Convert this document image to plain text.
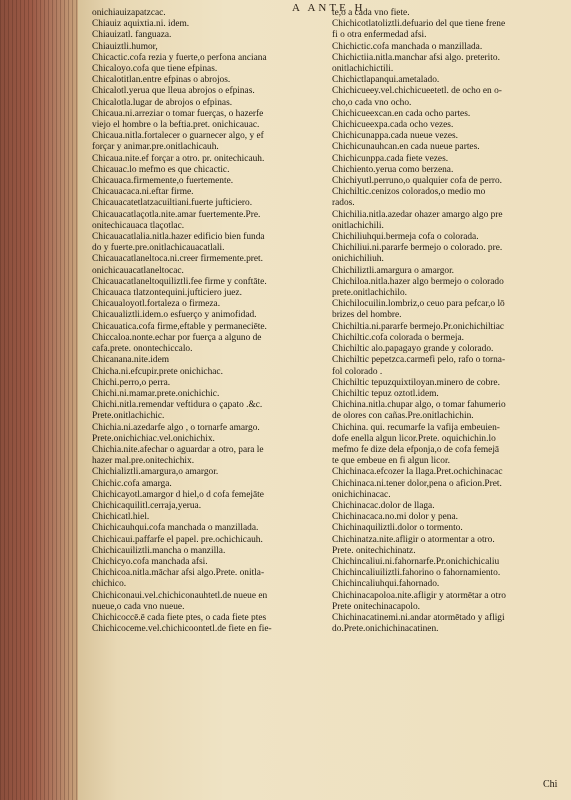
A ANTE H
onichiauizapatzcac.
Chiauiz aquixtia.ni. idem.
Chiauizatl. fanguaza.
Chiauiztli.humor,
Chicactic.cofa rezia y fuerte,o perfona anciana
Chicaloyo.cofa que tiene efpinas.
Chicalotitlan.entre efpinas o abrojos.
Chicalotl.yerua que lleua abrojos o efpinas.
Chicalotla.lugar de abrojos o efpinas.
Chicaua.ni.arreziar o tomar fuerças, o hazerfe
viejo el hombre o la beftia.pret. onichicauac.
Chicaua.nitla.fortalecer o guarnecer algo, y ef
forçar y animar.pre.onitlachicauh.
Chicaua.nite.ef forçar a otro. pr. onitechicauh.
Chicauac.lo mefmo es que chicactic.
Chicauaca.firmemente,o fuertemente.
Chicauacaca.ni.eftar firme.
Chicauacatetlatzacuiltiani.fuerte jufticiero.
Chicauacatlaçotla.nite.amar fuertemente.Pre.
onitechicauaca tlaçotlac.
Chicauacatlalia.nitla.hazer edificio bien funda
do y fuerte.pre.onitlachicauacatlali.
Chicauacatlaneltoca.ni.creer firmemente.pret.
onichicauacatlaneltocac.
Chicauacatlaneltoquiliztli.fee firme y conftāte.
Chicauaca tlatzontequini.jufticiero juez.
Chicaualoyotl.fortaleza o firmeza.
Chicaualiztli.idem.o esfuerço y animofidad.
Chicauatica.cofa firme,eftable y permaneciēte.
Chiccaloa.nonte.echar por fuerça a alguno de
cafa.prete. onontechiccalo.
Chicanana.nite.idem
Chicha.ni.efcupir.prete onichichac.
Chichi.perro,o perra.
Chichi.ni.mamar.prete.onichichic.
Chichi.nitla.remendar veftidura o çapato .&c.
Prete.onitlachichic.
Chichia.ni.azedarfe algo , o tornarfe amargo.
Prete.onichichiac.vel.onichichix.
Chichia.nite.afechar o aguardar a otro, para le
hazer mal.pre.onitechichix.
Chichializtli.amargura,o amargor.
Chichic.cofa amarga.
Chichicayotl.amargor d hiel,o d cofa femejāte
Chichicaquilitl.cerraja,yerua.
Chichicatl.hiel.
Chichicauhqui.cofa manchada o manzillada.
Chichicaui.paffarfe el papel. pre.ochichicauh.
Chichicauiliztli.mancha o manzilla.
Chichicyo.cofa manchada afsi.
Chichicoa.nitla.māchar afsi algo.Prete. onitla-
chichico.
Chichiconaui.vel.chichiconauhtetl.de nueue en
nueue,o cada vno nueue.
Chichicoccē.ē cada fiete ptes, o cada fiete ptes
Chichicoceme.vel.chichicoontetl.de fiete en fie-
te,o a cada vno fiete.
Chichicotlatoliztli.defuario del que tiene frene
fi o otra enfermedad afsi.
Chichictic.cofa manchada o manzillada.
Chichictiia.nitla.manchar afsi algo. preterito.
onitlachichictili.
Chichictlapanqui.ametalado.
Chichicueey.vel.chichicueetetl. de ocho en o-
cho,o cada vno ocho.
Chichicueexcan.en cada ocho partes.
Chichicueexpa.cada ocho vezes.
Chichicunappa.cada nueue vezes.
Chichicunauhcan.en cada nueue partes.
Chichicunppa.cada fiete vezes.
Chichiento.yerua como berzena.
Chichiyutl.perruno,o qualquier cofa de perro.
Chichiltic.cenizos colorados,o medio mo
rados.
Chichilia.nitla.azedar ohazer amargo algo pre
onitlachichili.
Chichiliuhqui.bermeja cofa o colorada.
Chichiliui.ni.pararfe bermejo o colorado. pre.
onichichiliuh.
Chichiliztli.amargura o amargor.
Chichiloa.nitla.hazer algo bermejo o colorado
prete.onitlachichilo.
Chichilocuilin.lombriz,o ceuo para pefcar,o lō
brizes del hombre.
Chichiltia.ni.pararfe bermejo.Pr.onichichiltiac
Chichiltic.cofa colorada o bermeja.
Chichiltic alo.papagayo grande y colorado.
Chichiltic pepetzca.carmefi pelo, rafo o torna-
fol colorado .
Chichiltic tepuzquixtiloyan.minero de cobre.
Chichiltic tepuz oztotl.idem.
Chichina.nitla.chupar algo, o tomar fahumerio
de olores con cañas.Pre.onitlachichin.
Chichina. qui. recumarfe la vafija embeuien-
dofe enella algun licor.Prete. oquichichin.lo
mefmo fe dize dela efponja,o de cofa femejā
te que embeue en fi algun licor.
Chichinaca.efcozer la llaga.Pret.ochichinacac
Chichinaca.ni.tener dolor,pena o aficion.Pret.
onichichinacac.
Chichinacac.dolor de llaga.
Chichinacaca.no.mi dolor y pena.
Chichinaquiliztli.dolor o tormento.
Chichinatza.nite.afligir o atormentar a otro.
Prete. onitechichinatz.
Chichincaliui.ni.fahornarfe.Pr.onichichicaliu
Chichincaliuiliztli.fahorino o fahornamiento.
Chichincaliuhqui.fahornado.
Chichinacapoloa.nite.afligir y atormētar a otro
Prete onitechinacapolo.
Chichinacatinemi.ni.andar atormētado y afligi
do.Prete.onichichinacatinen.
Chi
